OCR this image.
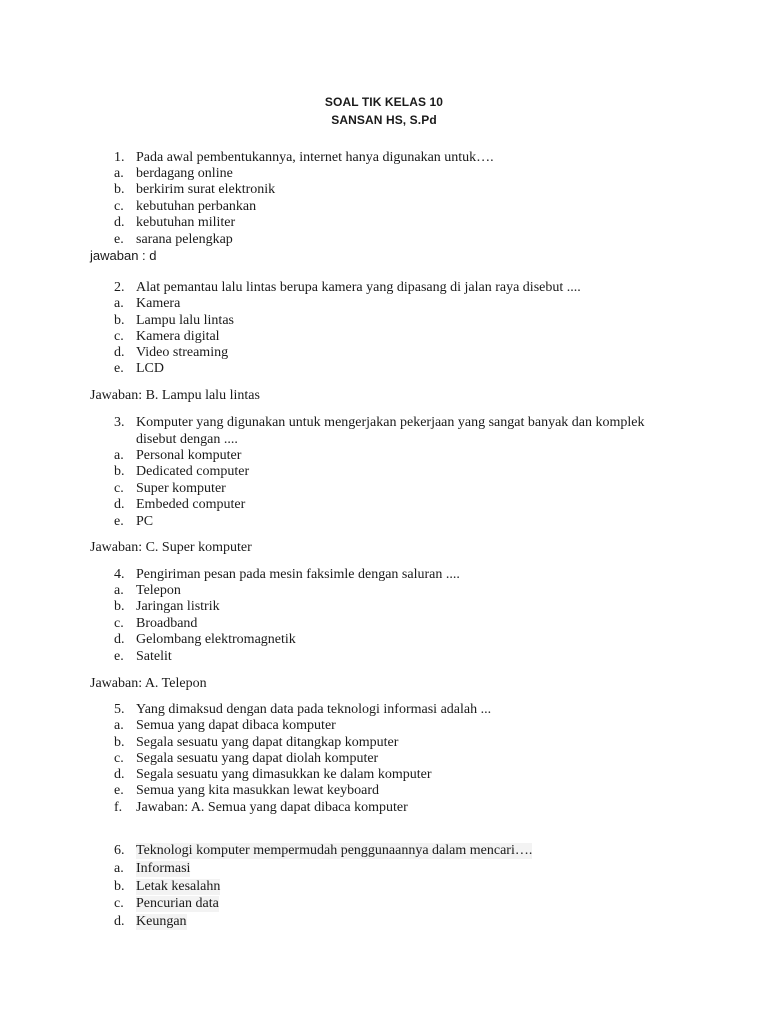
SOAL TIK KELAS 10
SANSAN HS, S.Pd
1. Pada awal pembentukannya, internet hanya digunakan untuk….
a. berdagang online
b. berkirim surat elektronik
c. kebutuhan perbankan
d. kebutuhan militer
e. sarana pelengkap
jawaban : d
2. Alat pemantau lalu lintas berupa kamera yang dipasang di jalan raya disebut ....
a. Kamera
b. Lampu lalu lintas
c. Kamera digital
d. Video streaming
e. LCD
Jawaban: B. Lampu lalu lintas
3. Komputer yang digunakan untuk mengerjakan pekerjaan yang sangat banyak dan komplek
disebut dengan ....
a. Personal komputer
b. Dedicated computer
c. Super komputer
d. Embeded computer
e. PC
Jawaban: C. Super komputer
4. Pengiriman pesan pada mesin faksimle dengan saluran ....
a. Telepon
b. Jaringan listrik
c. Broadband
d. Gelombang elektromagnetik
e. Satelit
Jawaban: A. Telepon
5. Yang dimaksud dengan data pada teknologi informasi adalah ...
a. Semua yang dapat dibaca komputer
b. Segala sesuatu yang dapat ditangkap komputer
c. Segala sesuatu yang dapat diolah komputer
d. Segala sesuatu yang dimasukkan ke dalam komputer
e. Semua yang kita masukkan lewat keyboard
f. Jawaban: A. Semua yang dapat dibaca komputer
6. Teknologi komputer mempermudah penggunaannya dalam mencari….
a. Informasi
b. Letak kesalahn
c. Pencurian data
d. Keungan
